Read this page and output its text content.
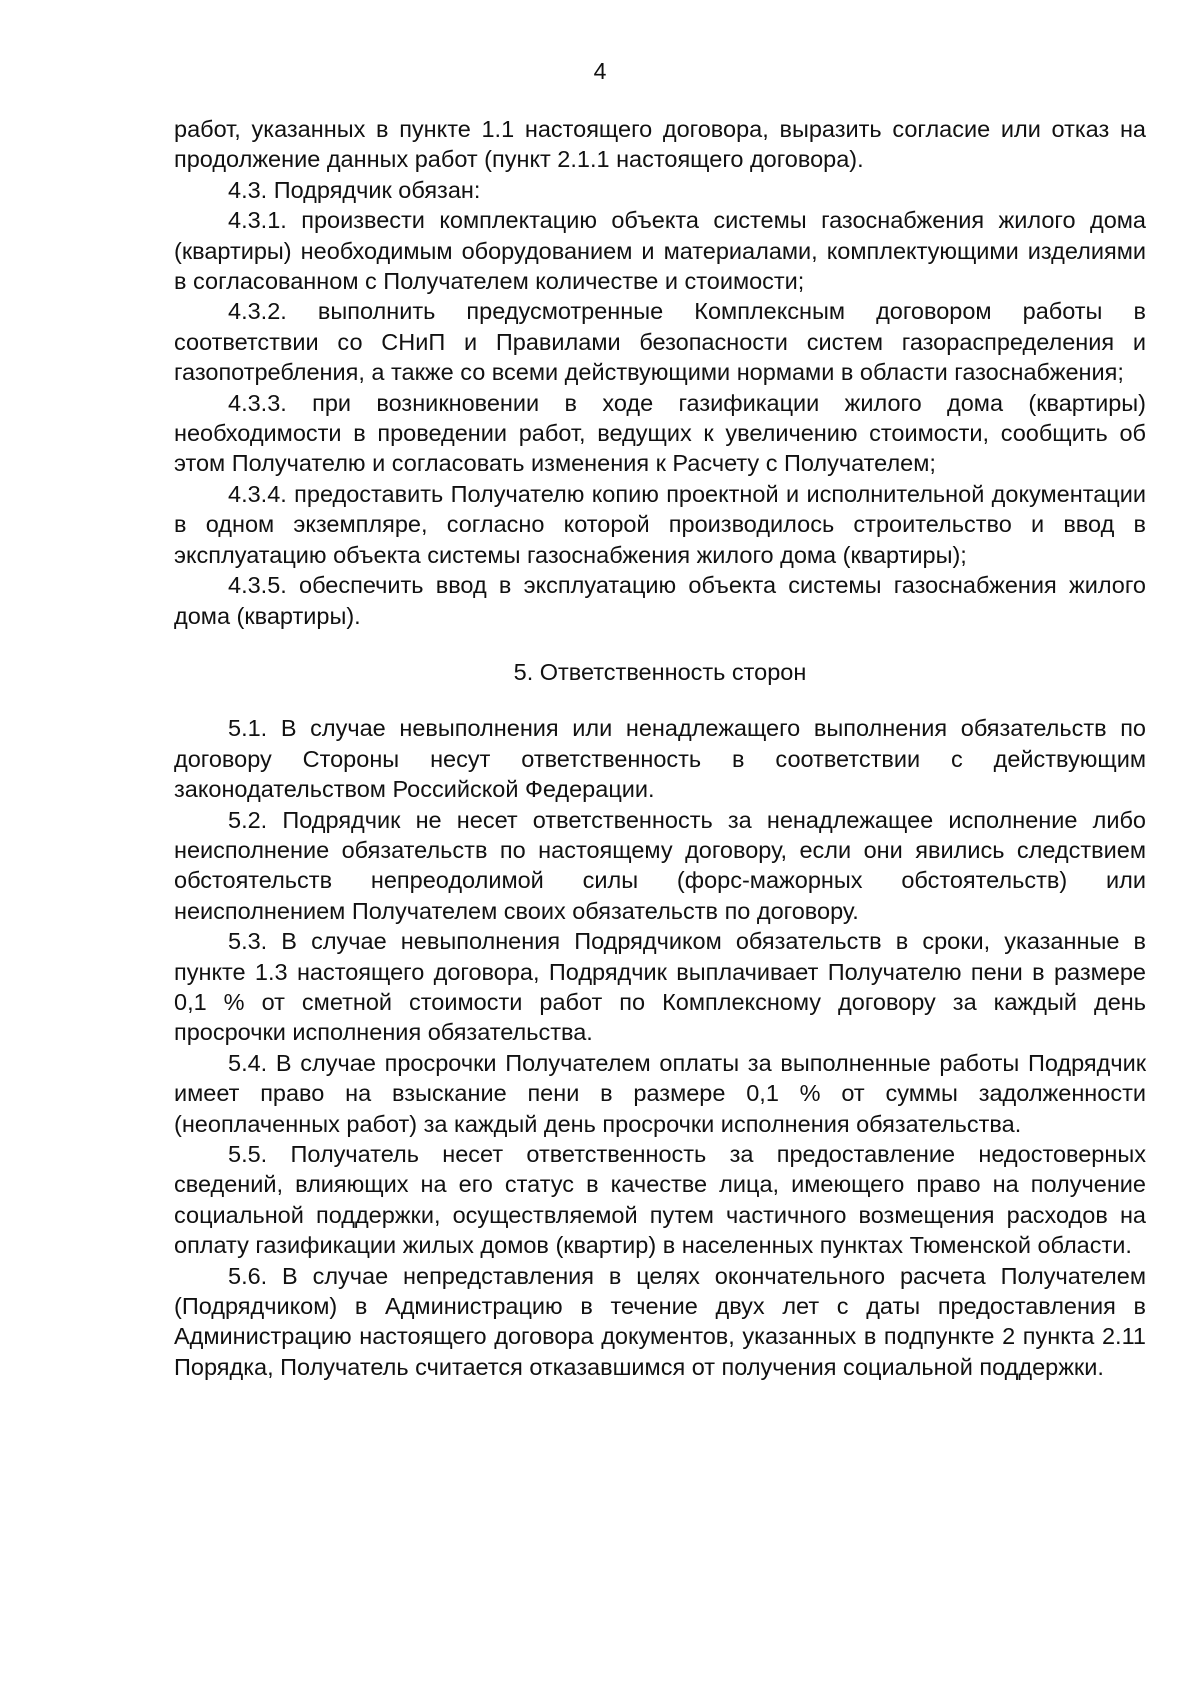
4

работ, указанных в пункте 1.1 настоящего договора, выразить согласие или отказ на продолжение данных работ (пункт 2.1.1 настоящего договора).

4.3. Подрядчик обязан:

4.3.1. произвести комплектацию объекта системы газоснабжения жилого дома (квартиры) необходимым оборудованием и материалами, комплектующими изделиями в согласованном с Получателем количестве и стоимости;

4.3.2. выполнить предусмотренные Комплексным договором работы в соответствии со СНиП и Правилами безопасности систем газораспределения и газопотребления, а также со всеми действующими нормами в области газоснабжения;

4.3.3. при возникновении в ходе газификации жилого дома (квартиры) необходимости в проведении работ, ведущих к увеличению стоимости, сообщить об этом Получателю и согласовать изменения к Расчету с Получателем;

4.3.4. предоставить Получателю копию проектной и исполнительной документации в одном экземпляре, согласно которой производилось строительство и ввод в эксплуатацию объекта системы газоснабжения жилого дома (квартиры);

4.3.5. обеспечить ввод в эксплуатацию объекта системы газоснабжения жилого дома (квартиры).

5. Ответственность сторон

5.1. В случае невыполнения или ненадлежащего выполнения обязательств по договору Стороны несут ответственность в соответствии с действующим законодательством Российской Федерации.

5.2. Подрядчик не несет ответственность за ненадлежащее исполнение либо неисполнение обязательств по настоящему договору, если они явились следствием обстоятельств непреодолимой силы (форс-мажорных обстоятельств) или неисполнением Получателем своих обязательств по договору.

5.3. В случае невыполнения Подрядчиком обязательств в сроки, указанные в пункте 1.3 настоящего договора, Подрядчик выплачивает Получателю пени в размере 0,1 % от сметной стоимости работ по Комплексному договору за каждый день просрочки исполнения обязательства.

5.4. В случае просрочки Получателем оплаты за выполненные работы Подрядчик имеет право на взыскание пени в размере 0,1 % от суммы задолженности (неоплаченных работ) за каждый день просрочки исполнения обязательства.

5.5. Получатель несет ответственность за предоставление недостоверных сведений, влияющих на его статус в качестве лица, имеющего право на получение социальной поддержки, осуществляемой путем частичного возмещения расходов на оплату газификации жилых домов (квартир) в населенных пунктах Тюменской области.

5.6. В случае непредставления в целях окончательного расчета Получателем (Подрядчиком) в Администрацию в течение двух лет с даты предоставления в Администрацию настоящего договора документов, указанных в подпункте 2 пункта 2.11 Порядка, Получатель считается отказавшимся от получения социальной поддержки.
